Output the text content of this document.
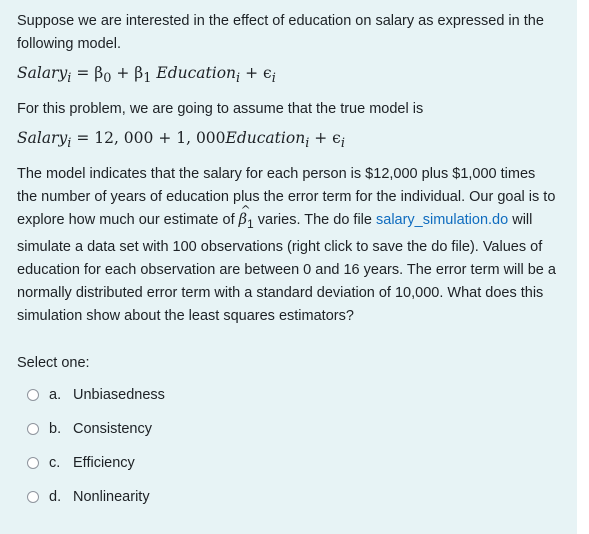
Suppose we are interested in the effect of education on salary as expressed in the following model.

Salary$_i$ = $\beta_0 + \beta_1$ Education$_i$ + $\epsilon_i$

For this problem, we are going to assume that the true model is

Salary$_i$ = 12, 000 + 1, 000Education$_i$ + $\epsilon_i$

The model indicates that the salary for each person is $12,000 plus $1,000 times the number of years of education plus the error term for the individual. Our goal is to explore how much our estimate of ^ $\beta_1$ varies. The do file salary_simulation.do will simulate a data set with 100 observations (right click to save the do file). Values of education for each observation are between 0 and 16 years. The error term will be a normally distributed error term with a standard deviation of 10,000. What does this simulation show about the least squares estimators?

Select one:
a. Unbiasedness
b. Consistency
c. Efficiency
d. Nonlinearity
